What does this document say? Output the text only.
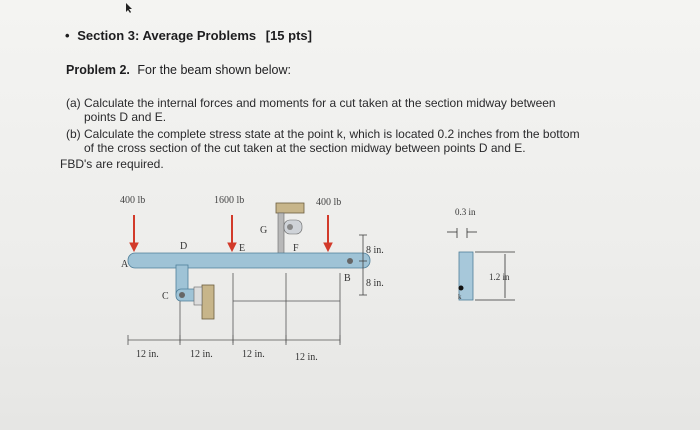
• Section 3: Average Problems [15 pts]
Problem 2. For the beam shown below:
(a) Calculate the internal forces and moments for a cut taken at the section midway between
points D and E.
(b) Calculate the complete stress state at the point k, which is located 0.2 inches from the bottom
of the cross section of the cut taken at the section midway between points D and E.
FBD's are required.
400 lb	1600 lb	400 lb
A
D	E	F
G
B
C
8 in.
8 in.
12 in.	12 in.	12 in.	12 in.
0.3 in
k
1.2 in
